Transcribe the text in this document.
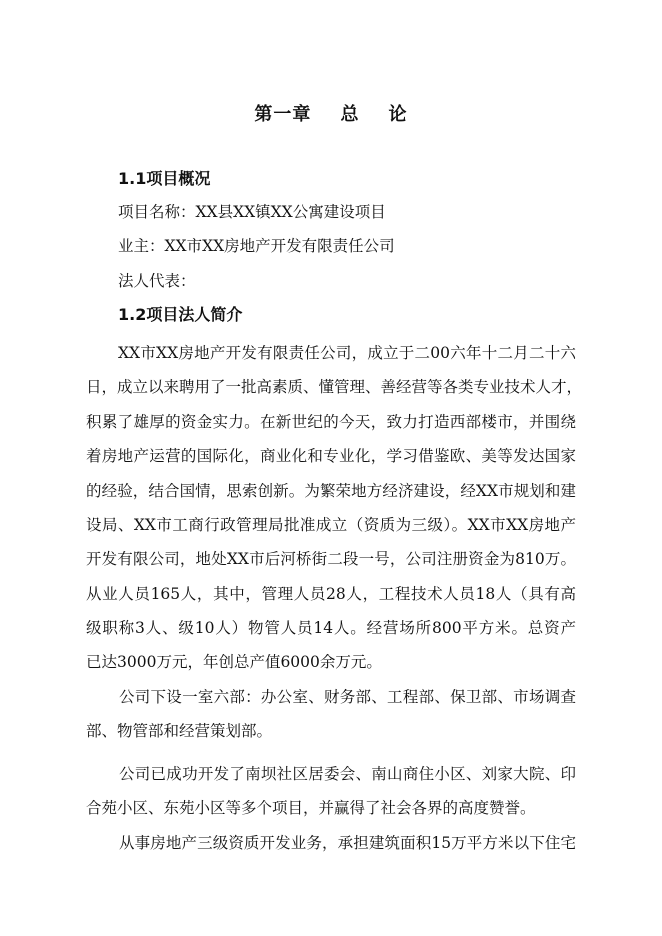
第一章    总    论
1.1项目概况
项目名称：XX县XX镇XX公寓建设项目
业主：XX市XX房地产开发有限责任公司
法人代表：
1.2项目法人简介
XX市XX房地产开发有限责任公司，成立于二00六年十二月二十六
日，成立以来聘用了一批高素质、懂管理、善经营等各类专业技术人才，
积累了雄厚的资金实力。在新世纪的今天，致力打造西部楼市，并围绕
着房地产运营的国际化，商业化和专业化，学习借鉴欧、美等发达国家
的经验，结合国情，思索创新。为繁荣地方经济建设，经XX市规划和建
设局、XX市工商行政管理局批准成立（资质为三级）。XX市XX房地产
开发有限公司，地处XX市后河桥街二段一号，公司注册资金为810万。
从业人员165人，其中，管理人员28人，工程技术人员18人（具有高
级职称3人、级10人）物管人员14人。经营场所800平方米。总资产
已达3000万元，年创总产值6000余万元。
公司下设一室六部：办公室、财务部、工程部、保卫部、市场调查
部、物管部和经营策划部。
公司已成功开发了南坝社区居委会、南山商住小区、刘家大院、印
合苑小区、东苑小区等多个项目，并赢得了社会各界的高度赞誉。
从事房地产三级资质开发业务，承担建筑面积15万平方米以下住宅
